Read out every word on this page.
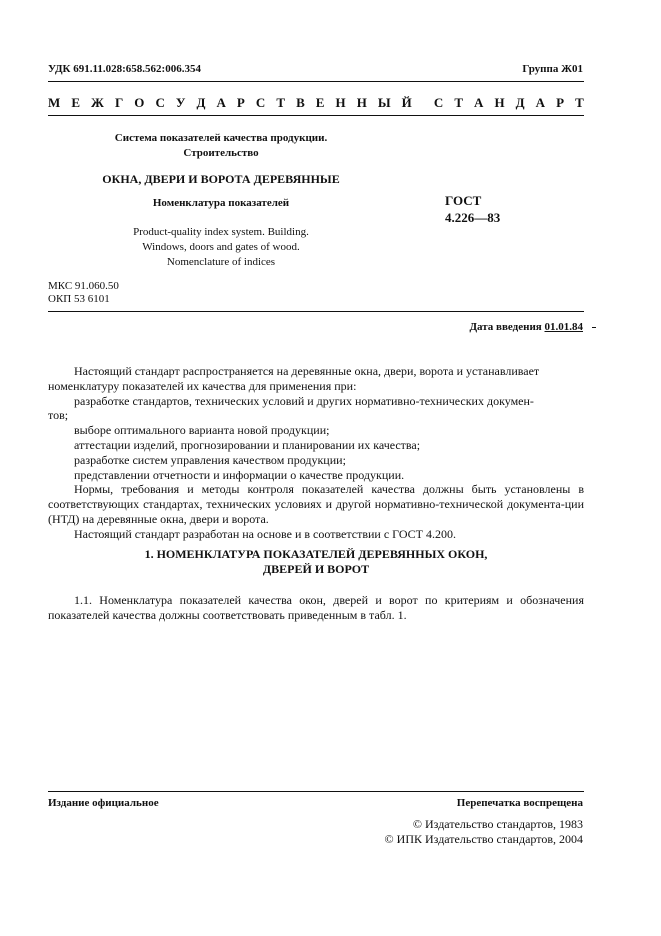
УДК 691.11.028:658.562:006.354	Группа Ж01
М Е Ж Г О С У Д А Р С Т В Е Н Н Ы Й С Т А Н Д А Р Т
Система показателей качества продукции.
Строительство
ОКНА, ДВЕРИ И ВОРОТА ДЕРЕВЯННЫЕ
Номенклатура показателей
Product-quality index system. Building.
Windows, doors and gates of wood.
Nomenclature of indices
ГОСТ
4.226—83
МКС 91.060.50
ОКП 53 6101
Дата введения 01.01.84
Настоящий стандарт распространяется на деревянные окна, двери, ворота и устанавливает
номенклатуру показателей их качества для применения при:
разработке стандартов, технических условий и других нормативно-технических докумен-
тов;
выборе оптимального варианта новой продукции;
аттестации изделий, прогнозировании и планировании их качества;
разработке систем управления качеством продукции;
представлении отчетности и информации о качестве продукции.
Нормы, требования и методы контроля показателей качества должны быть установлены в соответствующих стандартах, технических условиях и другой нормативно-технической документа-ции (НТД) на деревянные окна, двери и ворота.
Настоящий стандарт разработан на основе и в соответствии с ГОСТ 4.200.
1. НОМЕНКЛАТУРА ПОКАЗАТЕЛЕЙ ДЕРЕВЯННЫХ ОКОН,
ДВЕРЕЙ И ВОРОТ
1.1. Номенклатура показателей качества окон, дверей и ворот по критериям и обозначения показателей качества должны соответствовать приведенным в табл. 1.
Издание официальное	Перепечатка воспрещена
© Издательство стандартов, 1983
© ИПК Издательство стандартов, 2004
